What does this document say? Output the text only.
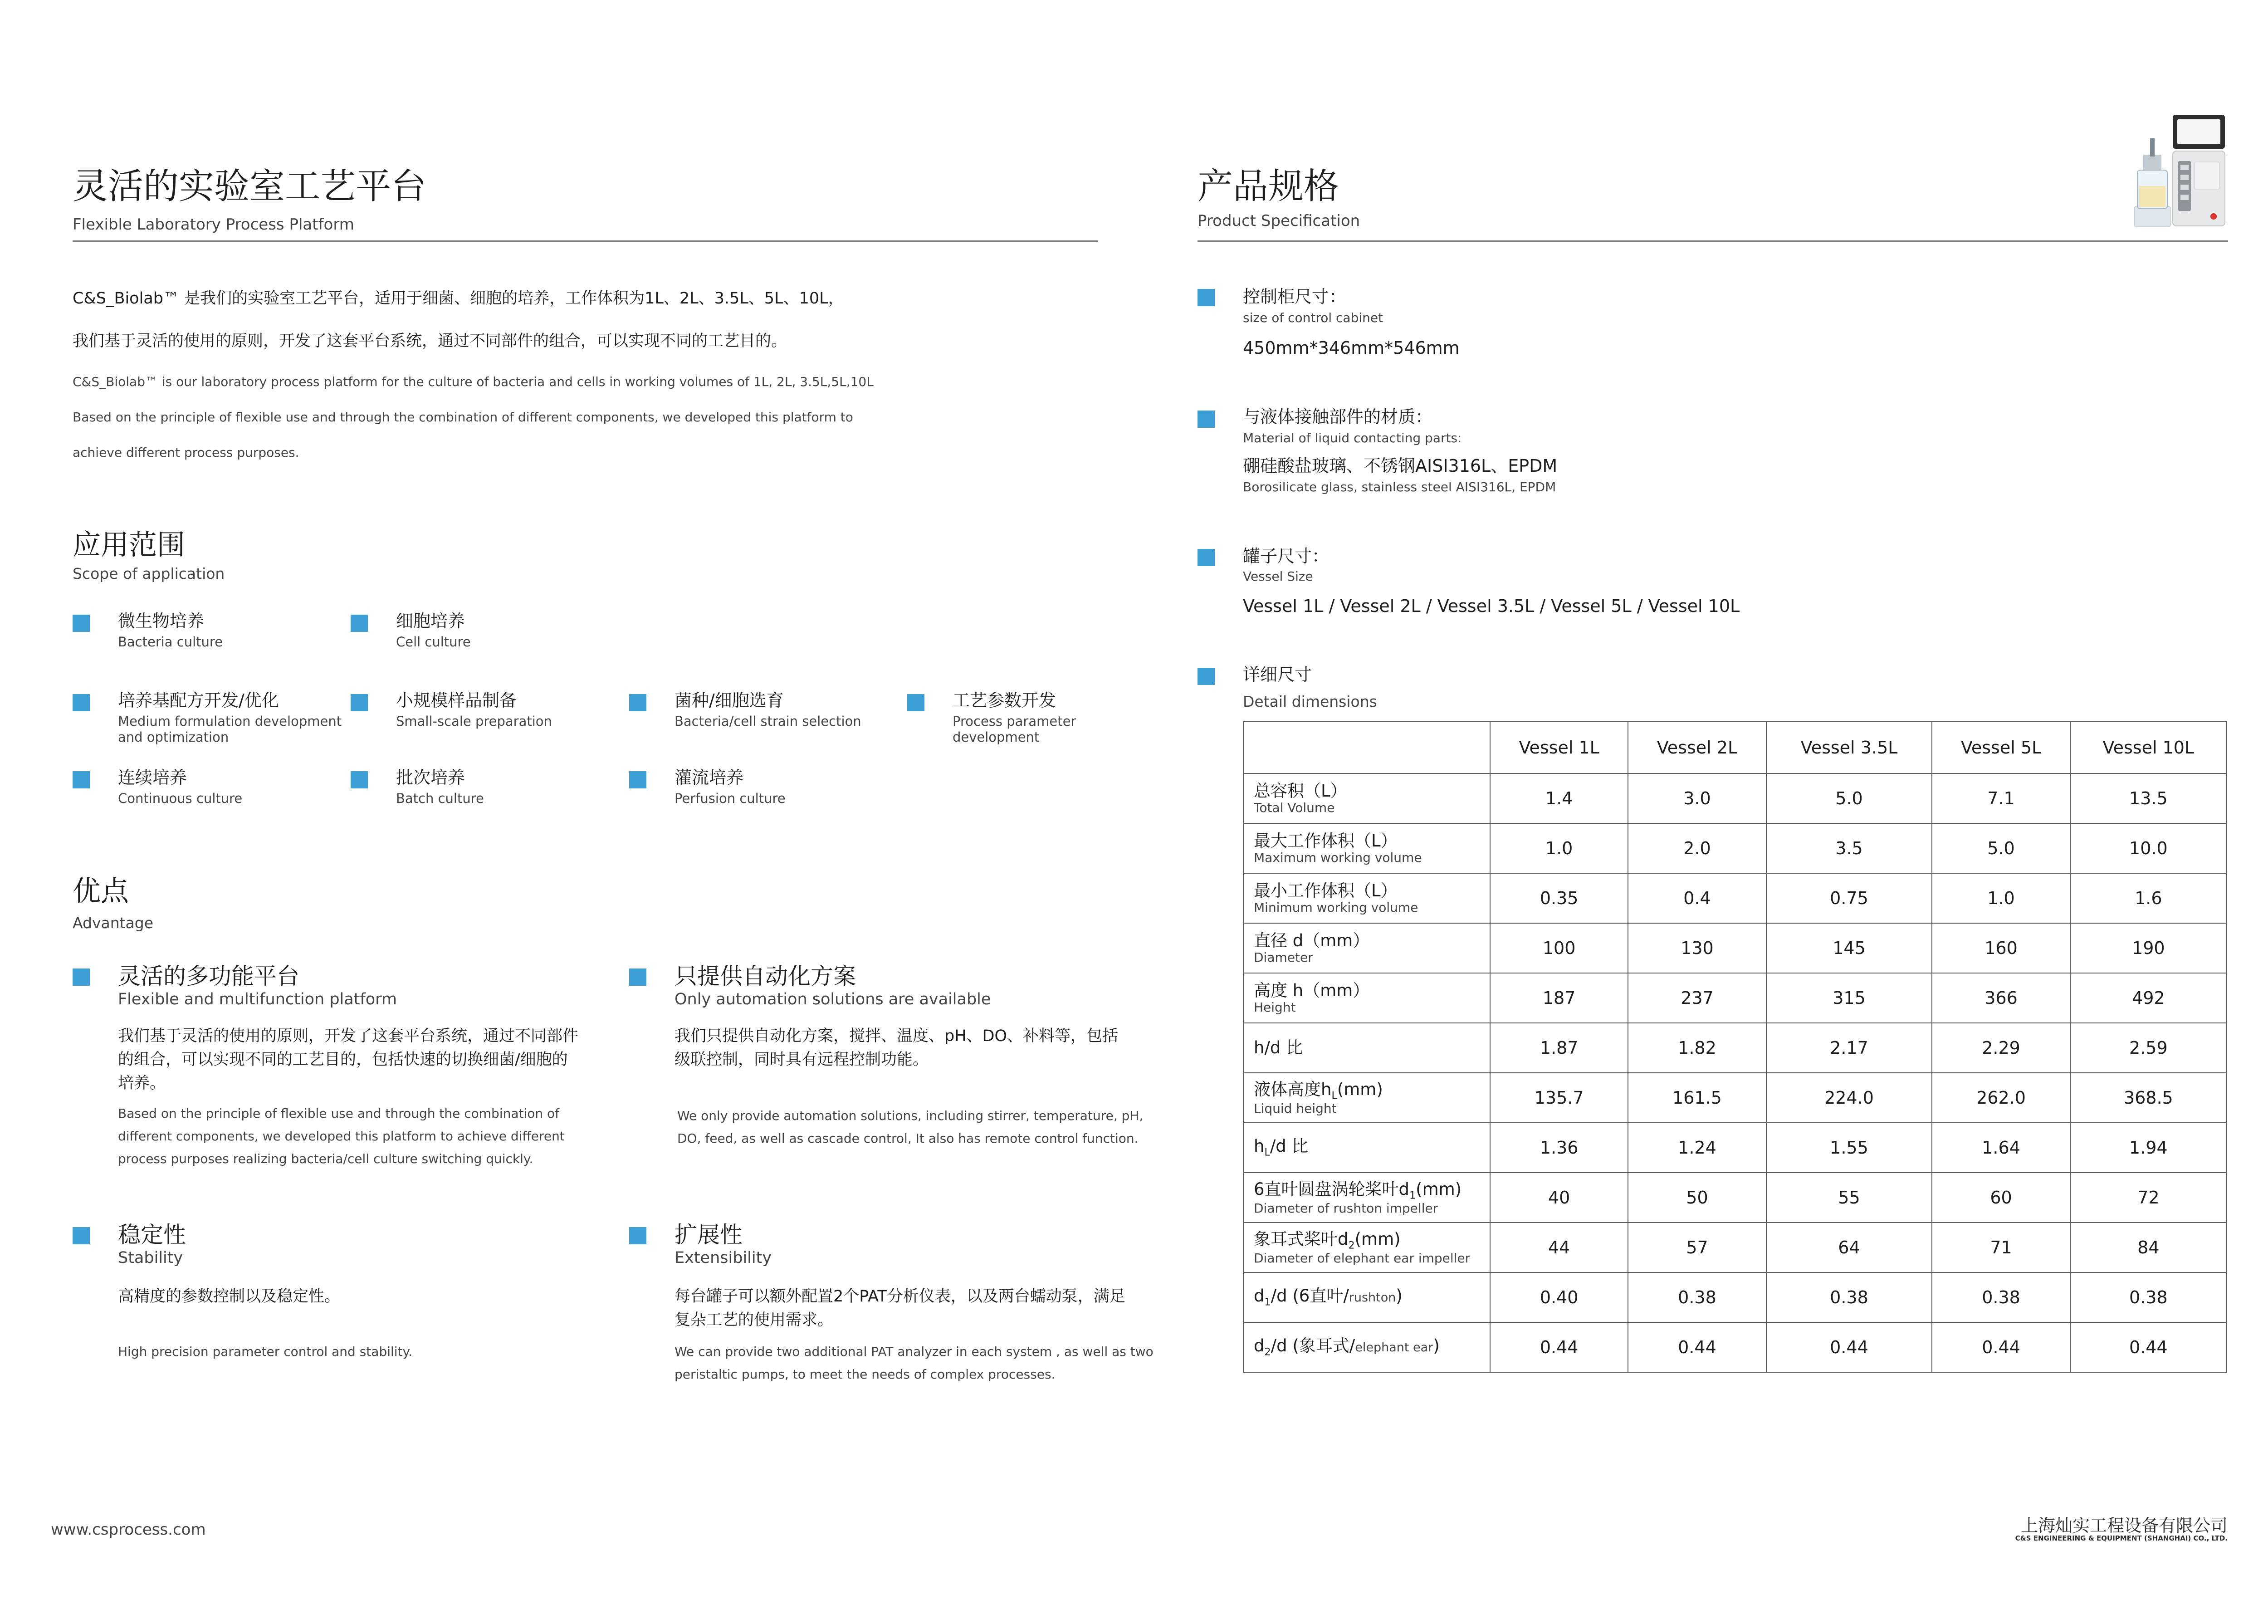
灵活的实验室工艺平台
Flexible Laboratory Process Platform
C&S_Biolab™ 是我们的实验室工艺平台，适用于细菌、细胞的培养，工作体积为1L、2L、3.5L、5L、10L，
我们基于灵活的使用的原则，开发了这套平台系统，通过不同部件的组合，可以实现不同的工艺目的。
C&S_Biolab™ is our laboratory process platform for the culture of bacteria and cells in working volumes of 1L, 2L, 3.5L,5L,10L
Based on the principle of flexible use and through the combination of different components, we developed this platform to
achieve different process purposes.
应用范围
Scope of application
微生物培养
Bacteria culture
细胞培养
Cell culture
培养基配方开发/优化
Medium formulation development and optimization
小规模样品制备
Small-scale preparation
菌种/细胞选育
Bacteria/cell strain selection
工艺参数开发
Process parameter development
连续培养
Continuous culture
批次培养
Batch culture
灌流培养
Perfusion culture
优点
Advantage
灵活的多功能平台
Flexible and multifunction platform
我们基于灵活的使用的原则，开发了这套平台系统，通过不同部件的组合，可以实现不同的工艺目的，包括快速的切换细菌/细胞的培养。
Based on the principle of flexible use and through the combination of different components, we developed this platform to achieve different process purposes realizing bacteria/cell culture switching quickly.
只提供自动化方案
Only automation solutions are available
我们只提供自动化方案，搅拌、温度、pH、DO、补料等，包括级联控制，同时具有远程控制功能。
We only provide automation solutions, including stirrer, temperature, pH, DO, feed, as well as cascade control, It also has remote control function.
稳定性
Stability
高精度的参数控制以及稳定性。
High precision parameter control and stability.
扩展性
Extensibility
每台罐子可以额外配置2个PAT分析仪表，以及两台蠕动泵，满足复杂工艺的使用需求。
We can provide two additional PAT analyzer in each system , as well as two peristaltic pumps, to meet the needs of complex processes.
www.csprocess.com
产品规格
Product Specification
控制柜尺寸：
size of control cabinet
450mm*346mm*546mm
与液体接触部件的材质：
Material of liquid contacting parts:
硼硅酸盐玻璃、不锈钢AISI316L、EPDM
Borosilicate glass, stainless steel AISI316L, EPDM
罐子尺寸：
Vessel Size
Vessel 1L / Vessel 2L / Vessel 3.5L / Vessel 5L / Vessel 10L
详细尺寸
Detail dimensions
	Vessel 1L	Vessel 2L	Vessel 3.5L	Vessel 5L	Vessel 10L

总容积（L）
Total Volume	1.4	3.0	5.0	7.1	13.5

最大工作体积（L）
Maximum working volume	1.0	2.0	3.5	5.0	10.0

最小工作体积（L）
Minimum working volume	0.35	0.4	0.75	1.0	1.6

直径 d（mm）
Diameter	100	130	145	160	190

高度 h（mm）
Height	187	237	315	366	492

h/d 比	1.87	1.82	2.17	2.29	2.59

液体高度$h_L(mm)$
Liquid height	135.7	161.5	224.0	262.0	368.5

$h_L/d$ 比	1.36	1.24	1.55	1.64	1.94

6直叶圆盘涡轮桨叶$d_1(mm)$
Diameter of rushton impeller	40	50	55	60	72

象耳式桨叶$d_2(mm)$
Diameter of elephant ear impeller	44	57	64	71	84

$d_1/d$ (6直叶/rushton)	0.40	0.38	0.38	0.38	0.38

$d_2/d$ (象耳式/elephant ear)	0.44	0.44	0.44	0.44	0.44
上海灿实工程设备有限公司
C&S ENGINEERING & EQUIPMENT (SHANGHAI) CO., LTD.
